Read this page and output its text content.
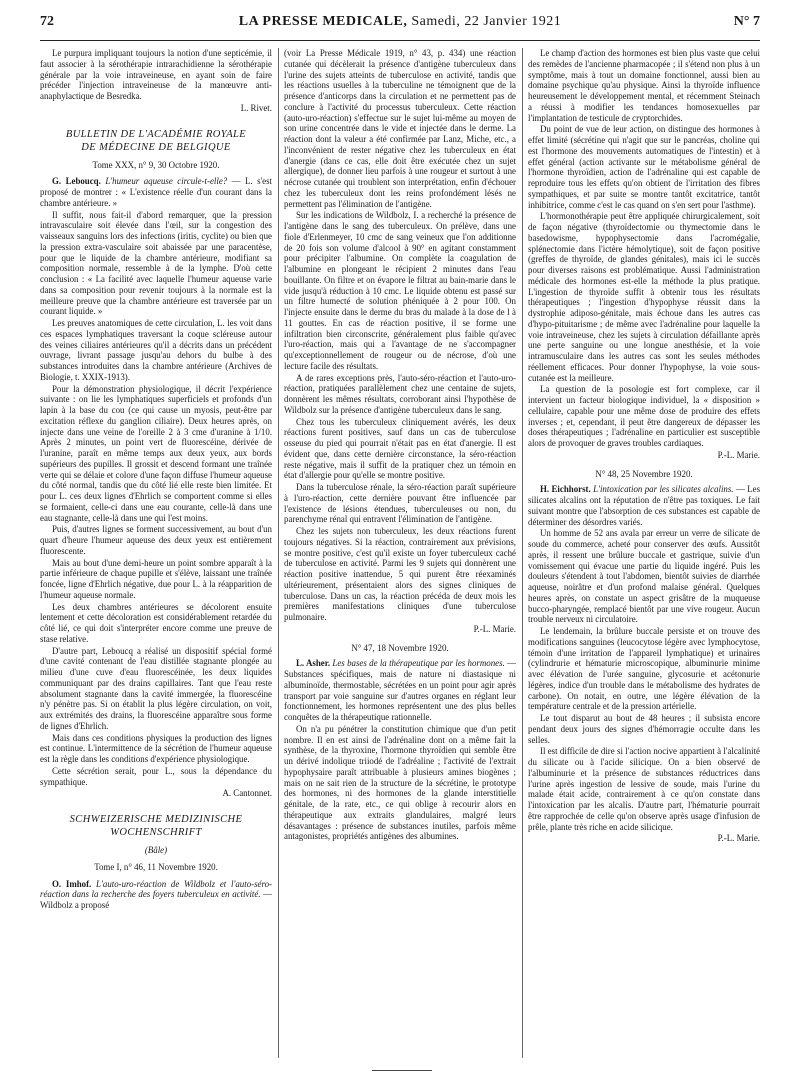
72	LA PRESSE MEDICALE, Samedi, 22 Janvier 1921	N° 7

Le purpura impliquant toujours la notion d'une septicémie, il faut associer à la sérothérapie intrarachidienne la sérothérapie générale par la voie intraveineuse, en ayant soin de faire précéder l'injection intraveineuse de la manœuvre anti-anaphylactique de Besredka.

L. Rivet.

BULLETIN DE L'ACADÉMIE ROYALE
DE MÉDECINE DE BELGIQUE
Tome XXX, n° 9, 30 Octobre 1920.

G. Leboucq. L'humeur aqueuse circule-t-elle? — L. s'est proposé de montrer : « L'existence réelle d'un courant dans la chambre antérieure. »

Il suffit, nous fait-il d'abord remarquer, que la pression intravasculaire soit élevée dans l'œil, sur la congestion des vaisseaux sanguins lors des infections (iritis, cyclite) ou bien que la pression extra-vasculaire soit abaissée par une paracentèse, pour que le liquide de la chambre antérieure, modifiant sa composition normale, ressemble à de la lymphe. D'où cette conclusion : « La facilité avec laquelle l'humeur aqueuse varie dans sa composition pour revenir toujours à la normale est la meilleure preuve que la chambre antérieure est traversée par un courant liquide. »

Les preuves anatomiques de cette circulation, L. les voit dans ces espaces lymphatiques traversant la coque scléreuse autour des veines ciliaires antérieures qu'il a décrits dans un précédent ouvrage, livrant passage jusqu'au dehors du bulbe à des substances introduites dans la chambre antérieure (Archives de Biologie, t. XXIX-1913).

Pour la démonstration physiologique, il décrit l'expérience suivante : on lie les lymphatiques superficiels et profonds d'un lapin à la base du cou (ce qui cause un myosis, peut-être par excitation réflexe du ganglion ciliaire). Deux heures après, on injecte dans une veine de l'oreille 2 à 3 cme d'uranine à 1/10. Après 2 minutes, un point vert de fluorescéine, dérivée de l'uranine, paraît en même temps aux deux yeux, aux bords supérieurs des pupilles. Il grossit et descend formant une traînée verte qui se délaie et colore d'une façon diffuse l'humeur aqueuse du côté normal, tandis que du côté lié elle reste bien limitée. Et pour L. ces deux lignes d'Ehrlich se comportent comme si elles se formaient, celle-ci dans une eau courante, celle-là dans une eau stagnante, celle-là dans une qui l'est moins.

Puis, d'autres lignes se forment successivement, au bout d'un quart d'heure l'humeur aqueuse des deux yeux est entièrement fluorescente.

Mais au bout d'une demi-heure un point sombre apparaît à la partie inférieure de chaque pupille et s'élève, laissant une traînée foncée, ligne d'Ehrlich négative, due pour L. à la réapparition de l'humeur aqueuse normale.

Les deux chambres antérieures se décolorent ensuite lentement et cette décoloration est considérablement retardée du côté lié, ce qui doit s'interpréter encore comme une preuve de stase relative.

D'autre part, Leboucq a réalisé un dispositif spécial formé d'une cavité contenant de l'eau distillée stagnante plongée au milieu d'une cuve d'eau fluorescéinée, les deux liquides communiquant par des drains capillaires. Tant que l'eau reste absolument stagnante dans la cavité immergée, la fluorescéine n'y pénètre pas. Si on établit la plus légère circulation, on voit, aux extrémités des drains, la fluorescéine apparaître sous forme de lignes d'Ehrlich.

Mais dans ces conditions physiques la production des lignes est continue. L'intermittence de la sécrétion de l'humeur aqueuse est la règle dans les conditions d'expérience physiologique.

Cette sécrétion serait, pour L., sous la dépendance du sympathique.

A. Cantonnet.

SCHWEIZERISCHE MEDIZINISCHE
WOCHENSCHRIFT
(Bâle)
Tome I, n° 46, 11 Novembre 1920.

O. Imhof. L'auto-uro-réaction de Wildbolz et l'auto-séro-réaction dans la recherche des foyers tuberculeux en activité. — Wildbolz a proposé

(voir La Presse Médicale 1919, n° 43, p. 434) une réaction cutanée qui décèlerait la présence d'antigène tuberculeux dans l'urine des sujets atteints de tuberculose en activité, tandis que les réactions usuelles à la tuberculine ne témoignent que de la présence d'anticorps dans la circulation et ne permettent pas de conclure à l'activité du processus tuberculeux. Cette réaction (auto-uro-réaction) s'effectue sur le sujet lui-même au moyen de son urine concentrée dans le vide et injectée dans le derme. La réaction dont la valeur a été confirmée par Lanz, Miche, etc., a l'inconvénient de rester négative chez les tuberculeux en état d'anergie (dans ce cas, elle doit être exécutée chez un sujet allergique), de donner lieu parfois à une rougeur et surtout à une nécrose cutanée qui troublent son interprétation, enfin d'échouer chez les tuberculeux dont les reins profondément lésés ne permettent pas l'élimination de l'antigène.

Sur les indications de Wildbolz, I. a recherché la présence de l'antigène dans le sang des tuberculeux. On prélève, dans une fiole d'Erlenmeyer, 10 cmc de sang veineux que l'on additionne de 20 fois son volume d'alcool à 90° en agitant constamment pour précipiter l'albumine. On complète la coagulation de l'albumine en plongeant le récipient 2 minutes dans l'eau bouillante. On filtre et on évapore le filtrat au bain-marie dans le vide jusqu'à réduction à 10 cmc. Le liquide obtenu est passé sur un filtre humecté de solution phéniquée à 2 pour 100. On l'injecte ensuite dans le derme du bras du malade à la dose de l à 11 gouttes. En cas de réaction positive, il se forme une infiltration bien circonscrite, généralement plus faible qu'avec l'uro-réaction, mais qui a l'avantage de ne s'accompagner qu'exceptionnellement de rougeur ou de nécrose, d'où une lecture facile des résultats.

A de rares exceptions près, l'auto-séro-réaction et l'auto-uro-réaction, pratiquées parallèlement chez une centaine de sujets, donnèrent les mêmes résultats, corroborant ainsi l'hypothèse de Wildbolz sur la présence d'antigène tuberculeux dans le sang.

Chez tous les tuberculeux cliniquement avérés, les deux réactions furent positives, sauf dans un cas de tuberculose osseuse du pied qui pourrait n'était pas en état d'anergie. Il est évident que, dans cette dernière circonstance, la séro-réaction reste négative, mais il suffit de la pratiquer chez un témoin en état d'allergie pour qu'elle se montre positive.

Dans la tuberculose rénale, la séro-réaction paraît supérieure à l'uro-réaction, cette dernière pouvant être influencée par l'existence de lésions étendues, tuberculeuses ou non, du parenchyme rénal qui entravent l'élimination de l'antigène.

Chez les sujets non tuberculeux, les deux réactions furent toujours négatives. Si la réaction, contrairement aux prévisions, se montre positive, c'est qu'il existe un foyer tuberculeux caché de tuberculose en activité. Parmi les 9 sujets qui donnèrent une réaction positive inattendue, 5 qui purent être réexaminés ultérieurement, présentaient alors des signes cliniques de tuberculose. Dans un cas, la réaction précéda de deux mois les premières manifestations cliniques d'une tuberculose pulmonaire.

P.-L. Marie.

N° 47, 18 Novembre 1920.

L. Asher. Les bases de la thérapeutique par les hormones. — Substances spécifiques, mais de nature ni diastasique ni albuminoïde, thermostable, sécrétées en un point pour agir après transport par voie sanguine sur d'autres organes en réglant leur fonctionnement, les hormones représentent une des plus belles conquêtes de la thérapeutique rationnelle.

On n'a pu pénétrer la constitution chimique que d'un petit nombre. Il en est ainsi de l'adrénaline dont on a même fait la synthèse, de la thyroxine, l'hormone thyroïdien qui semble être un dérivé indolique triiodé de l'adréaline ; l'activité de l'extrait hypophysaire paraît attribuable à plusieurs amines biogènes ; mais on ne sait rien de la structure de la sécrétine, le prototype des hormones, ni des hormones de la glande interstitielle génitale, de la rate, etc., ce qui oblige à recourir alors en thérapeutique aux extraits glandulaires, malgré leurs désavantages : présence de substances inutiles, parfois même antagonistes, propriétés antigènes des albumines.

Le champ d'action des hormones est bien plus vaste que celui des remèdes de l'ancienne pharmacopée ; il s'étend non plus à un symptôme, mais à tout un domaine fonctionnel, aussi bien au domaine psychique qu'au physique. Ainsi la thyroïde influence heureusement le développement mental, et récemment Steinach a réussi à modifier les tendances homosexuelles par l'implantation de testicule de cryptorchides.

Du point de vue de leur action, on distingue des hormones à effet limité (sécrétine qui n'agit que sur le pancréas, choline qui est l'hormone des mouvements automatiques de l'intestin) et à effet général (action activante sur le métabolisme général de l'hormone thyroïdien, action de l'adrénaline qui est capable de reproduire tous les effets qu'on obtient de l'irritation des fibres sympathiques, et par suite se montre tantôt excitatrice, tantôt inhibitrice, comme c'est le cas quand on s'en sert pour l'asthme).

L'hormonothérapie peut être appliquée chirurgicalement, soit de façon négative (thyroïdectomie ou thymectomie dans le basedowisme, hypophysectomie dans l'acromégalie, splénectomie dans l'ictère hémolytique), soit de façon positive (greffes de thyroïde, de glandes génitales), mais ici le succès pour diverses raisons est problématique. Aussi l'administration médicale des hormones est-elle la méthode la plus pratique. L'ingestion de thyroïde suffit à obtenir tous les résultats thérapeutiques ; l'ingestion d'hypophyse réussit dans la dystrophie adiposo-génitale, mais échoue dans les autres cas d'hypo-pituitarisme ; de même avec l'adrénaline pour laquelle la voie intraveineuse, chez les sujets à circulation défaillante après une perte sanguine ou une longue anesthésie, et la voie intramusculaire dans les autres cas sont les seules méthodes réellement efficaces. Pour donner l'hypophyse, la voie sous-cutanée est la meilleure.

La question de la posologie est fort complexe, car il intervient un facteur biologique individuel, la « disposition » cellulaire, capable pour une même dose de produire des effets inverses ; et, cependant, il peut être dangereux de dépasser les doses thérapeutiques ; l'adrénaline en particulier est susceptible alors de provoquer de graves troubles cardiaques.

P.-L. Marie.

N° 48, 25 Novembre 1920.

H. Eichhorst. L'intoxication par les silicates alcalins. — Les silicates alcalins ont la réputation de n'être pas toxiques. Le fait suivant montre que l'absorption de ces substances est capable de déterminer des désordres variés.

Un homme de 52 ans avala par erreur un verre de silicate de soude du commerce, acheté pour conserver des œufs. Aussitôt après, il ressent une brûlure buccale et gastrique, suivie d'un vomissement qui évacue une partie du liquide ingéré. Puis les douleurs s'étendent à tout l'abdomen, bientôt suivies de diarrhée aqueuse, noirâtre et d'un profond malaise général. Quelques heures après, on constate un aspect grisâtre de la muqueuse bucco-pharyngée, remplacé bientôt par une vive rougeur. Aucun trouble nerveux ni circulatoire.

Le lendemain, la brûlure buccale persiste et on trouve des modifications sanguines (leucocytose légère avec lymphocytose, témoin d'une irritation de l'appareil lymphatique) et urinaires (cylindrurie et hématurie microscopique, albuminurie minime avec élévation de l'urée sanguine, glycosurie et acétonurie légères, indice d'un trouble dans le métabolisme des hydrates de carbone). On notait, en outre, une légère élévation de la température centrale et de la pression artérielle.

Le tout disparut au bout de 48 heures ; il subsista encore pendant deux jours des signes d'hémorragie occulte dans les selles.

Il est difficile de dire si l'action nocive appartient à l'alcalinité du silicate ou à l'acide silicique. On a bien observé de l'albuminurie et la présence de substances réductrices dans l'urine après ingestion de lessive de soude, mais l'urine du malade était acide, contrairement à ce qu'on constate dans l'intoxication par les alcalis. D'autre part, l'hématurie pourrait être rapprochée de celle qu'on observe après usage d'infusion de prêle, plante très riche en acide silicique.

P.-L. Marie.
